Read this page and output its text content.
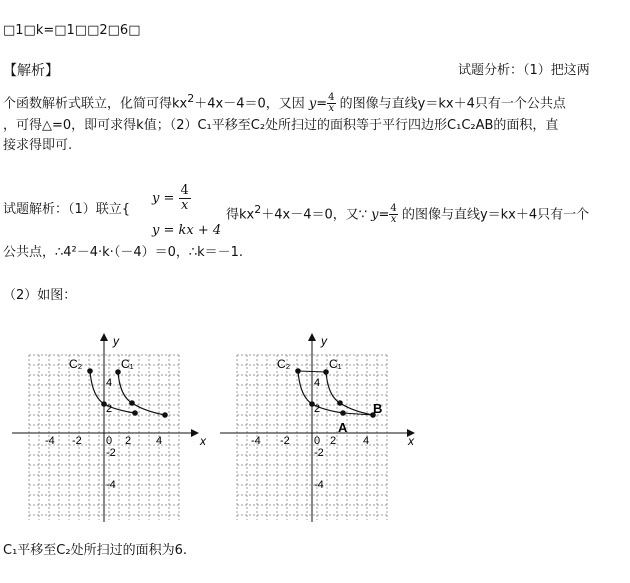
□1□k=□1□□2□6□
【解析】	试题分析：（1）把这两
个函数解析式联立，化简可得$kx^2+4x-4=0$，又因 $y= \frac{4}{x}$ 的图像与直线y＝kx＋4只有一个公共点
，可得△=0，即可求得k值；（2）C₁平移至C₂处所扫过的面积等于平行四边形C₁C₂AB的面积，直
接求得即可.
试题解析：（1）联立{
$y = \frac{4}{x}$
y = kx + 4
得$kx^2+4x-4=0$，又∵ $y= \frac{4}{x}$ 的图像与直线y＝kx＋4只有一个
公共点，∴4²－4·k·（－4）＝0，∴k＝－1.
（2）如图：
x
y
C₂	C₁
-4 -2 0 2 4
4
2
-2
-4
x
y
C₂	C₁
A
B
-4 -2 0 2 4
4
2
-2
-4
C₁平移至C₂处所扫过的面积为6.
